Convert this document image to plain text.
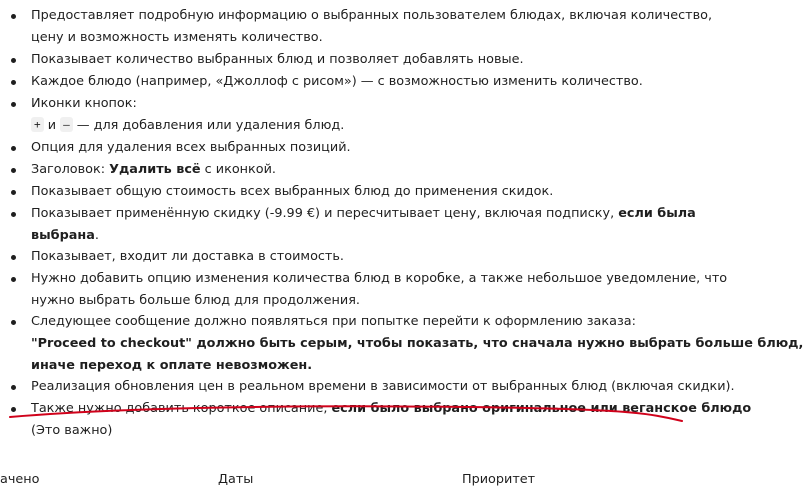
Предоставляет подробную информацию о выбранных пользователем блюдах, включая количество,
цену и возможность изменять количество.
Показывает количество выбранных блюд и позволяет добавлять новые.
Каждое блюдо (например, «Джоллоф с рисом») — с возможностью изменить количество.
Иконки кнопок:
+ и – — для добавления или удаления блюд.
Опция для удаления всех выбранных позиций.
Заголовок: Удалить всё с иконкой.
Показывает общую стоимость всех выбранных блюд до применения скидок.
Показывает применённую скидку (-9.99 €) и пересчитывает цену, включая подписку, если была
выбрана.
Показывает, входит ли доставка в стоимость.
Нужно добавить опцию изменения количества блюд в коробке, а также небольшое уведомление, что
нужно выбрать больше блюд для продолжения.
Следующее сообщение должно появляться при попытке перейти к оформлению заказа:
"Proceed to checkout" должно быть серым, чтобы показать, что сначала нужно выбрать больше блюд,
иначе переход к оплате невозможен.
Реализация обновления цен в реальном времени в зависимости от выбранных блюд (включая скидки).
Также нужно добавить короткое описание, если было выбрано оригинальное или веганское блюдо
(Это важно)
ачено	Даты	Приоритет
